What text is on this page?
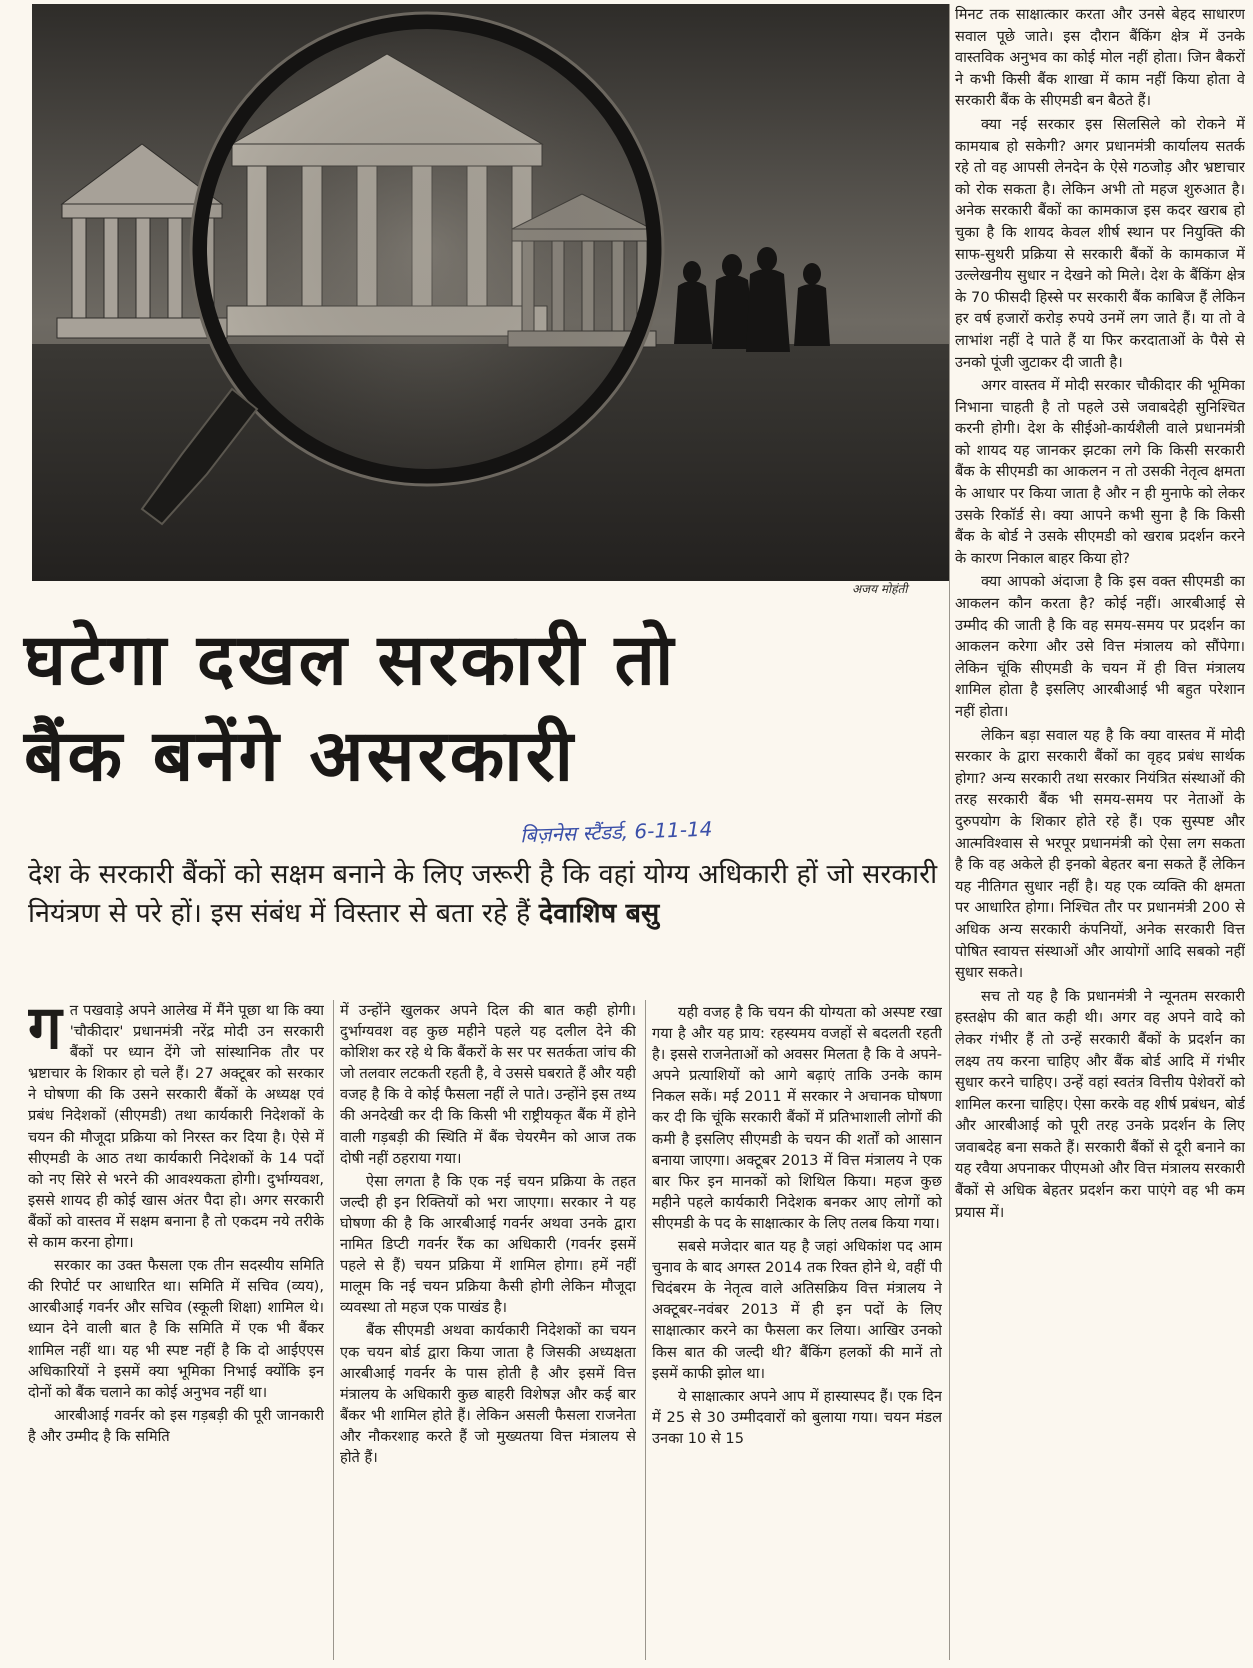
अजय मोहंती
घटेगा दखल सरकारी तो
बैंक बनेंगे असरकारी
बिज़नेस स्टैंडर्ड, 6-11-14
देश के सरकारी बैंकों को सक्षम बनाने के लिए जरूरी है कि वहां योग्य अधिकारी हों जो सरकारी नियंत्रण से परे हों। इस संबंध में विस्तार से बता रहे हैं देवाशिष बसु

गत पखवाड़े अपने आलेख में मैंने पूछा था कि क्या 'चौकीदार' प्रधानमंत्री नरेंद्र मोदी उन सरकारी बैंकों पर ध्यान देंगे जो सांस्थानिक तौर पर भ्रष्टाचार के शिकार हो चले हैं। 27 अक्टूबर को सरकार ने घोषणा की कि उसने सरकारी बैंकों के अध्यक्ष एवं प्रबंध निदेशकों (सीएमडी) तथा कार्यकारी निदेशकों के चयन की मौजूदा प्रक्रिया को निरस्त कर दिया है। ऐसे में सीएमडी के आठ तथा कार्यकारी निदेशकों के 14 पदों को नए सिरे से भरने की आवश्यकता होगी। दुर्भाग्यवश, इससे शायद ही कोई खास अंतर पैदा हो। अगर सरकारी बैंकों को वास्तव में सक्षम बनाना है तो एकदम नये तरीके से काम करना होगा।

सरकार का उक्त फैसला एक तीन सदस्यीय समिति की रिपोर्ट पर आधारित था। समिति में सचिव (व्यय), आरबीआई गवर्नर और सचिव (स्कूली शिक्षा) शामिल थे। ध्यान देने वाली बात है कि समिति में एक भी बैंकर शामिल नहीं था। यह भी स्पष्ट नहीं है कि दो आईएएस अधिकारियों ने इसमें क्या भूमिका निभाई क्योंकि इन दोनों को बैंक चलाने का कोई अनुभव नहीं था।

आरबीआई गवर्नर को इस गड़बड़ी की पूरी जानकारी है और उम्मीद है कि समिति

में उन्होंने खुलकर अपने दिल की बात कही होगी। दुर्भाग्यवश वह कुछ महीने पहले यह दलील देने की कोशिश कर रहे थे कि बैंकरों के सर पर सतर्कता जांच की जो तलवार लटकती रहती है, वे उससे घबराते हैं और यही वजह है कि वे कोई फैसला नहीं ले पाते। उन्होंने इस तथ्य की अनदेखी कर दी कि किसी भी राष्ट्रीयकृत बैंक में होने वाली गड़बड़ी की स्थिति में बैंक चेयरमैन को आज तक दोषी नहीं ठहराया गया।

ऐसा लगता है कि एक नई चयन प्रक्रिया के तहत जल्दी ही इन रिक्तियों को भरा जाएगा। सरकार ने यह घोषणा की है कि आरबीआई गवर्नर अथवा उनके द्वारा नामित डिप्टी गवर्नर रैंक का अधिकारी (गवर्नर इसमें पहले से हैं) चयन प्रक्रिया में शामिल होगा। हमें नहीं मालूम कि नई चयन प्रक्रिया कैसी होगी लेकिन मौजूदा व्यवस्था तो महज एक पाखंड है।

बैंक सीएमडी अथवा कार्यकारी निदेशकों का चयन एक चयन बोर्ड द्वारा किया जाता है जिसकी अध्यक्षता आरबीआई गवर्नर के पास होती है और इसमें वित्त मंत्रालय के अधिकारी कुछ बाहरी विशेषज्ञ और कई बार बैंकर भी शामिल होते हैं। लेकिन असली फैसला राजनेता और नौकरशाह करते हैं जो मुख्यतया वित्त मंत्रालय से होते हैं।

यही वजह है कि चयन की योग्यता को अस्पष्ट रखा गया है और यह प्राय: रहस्यमय वजहों से बदलती रहती है। इससे राजनेताओं को अवसर मिलता है कि वे अपने-अपने प्रत्याशियों को आगे बढ़ाएं ताकि उनके काम निकल सकें। मई 2011 में सरकार ने अचानक घोषणा कर दी कि चूंकि सरकारी बैंकों में प्रतिभाशाली लोगों की कमी है इसलिए सीएमडी के चयन की शर्तों को आसान बनाया जाएगा। अक्टूबर 2013 में वित्त मंत्रालय ने एक बार फिर इन मानकों को शिथिल किया। महज कुछ महीने पहले कार्यकारी निदेशक बनकर आए लोगों को सीएमडी के पद के साक्षात्कार के लिए तलब किया गया।

सबसे मजेदार बात यह है जहां अधिकांश पद आम चुनाव के बाद अगस्त 2014 तक रिक्त होने थे, वहीं पी चिदंबरम के नेतृत्व वाले अतिसक्रिय वित्त मंत्रालय ने अक्टूबर-नवंबर 2013 में ही इन पदों के लिए साक्षात्कार करने का फैसला कर लिया। आखिर उनको किस बात की जल्दी थी? बैंकिंग हलकों की मानें तो इसमें काफी झोल था।

ये साक्षात्कार अपने आप में हास्यास्पद हैं। एक दिन में 25 से 30 उम्मीदवारों को बुलाया गया। चयन मंडल उनका 10 से 15

मिनट तक साक्षात्कार करता और उनसे बेहद साधारण सवाल पूछे जाते। इस दौरान बैंकिंग क्षेत्र में उनके वास्तविक अनुभव का कोई मोल नहीं होता। जिन बैकरों ने कभी किसी बैंक शाखा में काम नहीं किया होता वे सरकारी बैंक के सीएमडी बन बैठते हैं।

क्या नई सरकार इस सिलसिले को रोकने में कामयाब हो सकेगी? अगर प्रधानमंत्री कार्यालय सतर्क रहे तो वह आपसी लेनदेन के ऐसे गठजोड़ और भ्रष्टाचार को रोक सकता है। लेकिन अभी तो महज शुरुआत है। अनेक सरकारी बैंकों का कामकाज इस कदर खराब हो चुका है कि शायद केवल शीर्ष स्थान पर नियुक्ति की साफ-सुथरी प्रक्रिया से सरकारी बैंकों के कामकाज में उल्लेखनीय सुधार न देखने को मिले। देश के बैंकिंग क्षेत्र के 70 फीसदी हिस्से पर सरकारी बैंक काबिज हैं लेकिन हर वर्ष हजारों करोड़ रुपये उनमें लग जाते हैं। या तो वे लाभांश नहीं दे पाते हैं या फिर करदाताओं के पैसे से उनको पूंजी जुटाकर दी जाती है।

अगर वास्तव में मोदी सरकार चौकीदार की भूमिका निभाना चाहती है तो पहले उसे जवाबदेही सुनिश्चित करनी होगी। देश के सीईओ-कार्यशैली वाले प्रधानमंत्री को शायद यह जानकर झटका लगे कि किसी सरकारी बैंक के सीएमडी का आकलन न तो उसकी नेतृत्व क्षमता के आधार पर किया जाता है और न ही मुनाफे को लेकर उसके रिकॉर्ड से। क्या आपने कभी सुना है कि किसी बैंक के बोर्ड ने उसके सीएमडी को खराब प्रदर्शन करने के कारण निकाल बाहर किया हो?

क्या आपको अंदाजा है कि इस वक्त सीएमडी का आकलन कौन करता है? कोई नहीं। आरबीआई से उम्मीद की जाती है कि वह समय-समय पर प्रदर्शन का आकलन करेगा और उसे वित्त मंत्रालय को सौंपेगा। लेकिन चूंकि सीएमडी के चयन में ही वित्त मंत्रालय शामिल होता है इसलिए आरबीआई भी बहुत परेशान नहीं होता।

लेकिन बड़ा सवाल यह है कि क्या वास्तव में मोदी सरकार के द्वारा सरकारी बैंकों का वृहद प्रबंध सार्थक होगा? अन्य सरकारी तथा सरकार नियंत्रित संस्थाओं की तरह सरकारी बैंक भी समय-समय पर नेताओं के दुरुपयोग के शिकार होते रहे हैं। एक सुस्पष्ट और आत्मविश्वास से भरपूर प्रधानमंत्री को ऐसा लग सकता है कि वह अकेले ही इनको बेहतर बना सकते हैं लेकिन यह नीतिगत सुधार नहीं है। यह एक व्यक्ति की क्षमता पर आधारित होगा। निश्चित तौर पर प्रधानमंत्री 200 से अधिक अन्य सरकारी कंपनियों, अनेक सरकारी वित्त पोषित स्वायत्त संस्थाओं और आयोगों आदि सबको नहीं सुधार सकते।

सच तो यह है कि प्रधानमंत्री ने न्यूनतम सरकारी हस्तक्षेप की बात कही थी। अगर वह अपने वादे को लेकर गंभीर हैं तो उन्हें सरकारी बैंकों के प्रदर्शन का लक्ष्य तय करना चाहिए और बैंक बोर्ड आदि में गंभीर सुधार करने चाहिए। उन्हें वहां स्वतंत्र वित्तीय पेशेवरों को शामिल करना चाहिए। ऐसा करके वह शीर्ष प्रबंधन, बोर्ड और आरबीआई को पूरी तरह उनके प्रदर्शन के लिए जवाबदेह बना सकते हैं। सरकारी बैंकों से दूरी बनाने का यह रवैया अपनाकर पीएमओ और वित्त मंत्रालय सरकारी बैंकों से अधिक बेहतर प्रदर्शन करा पाएंगे वह भी कम प्रयास में।
